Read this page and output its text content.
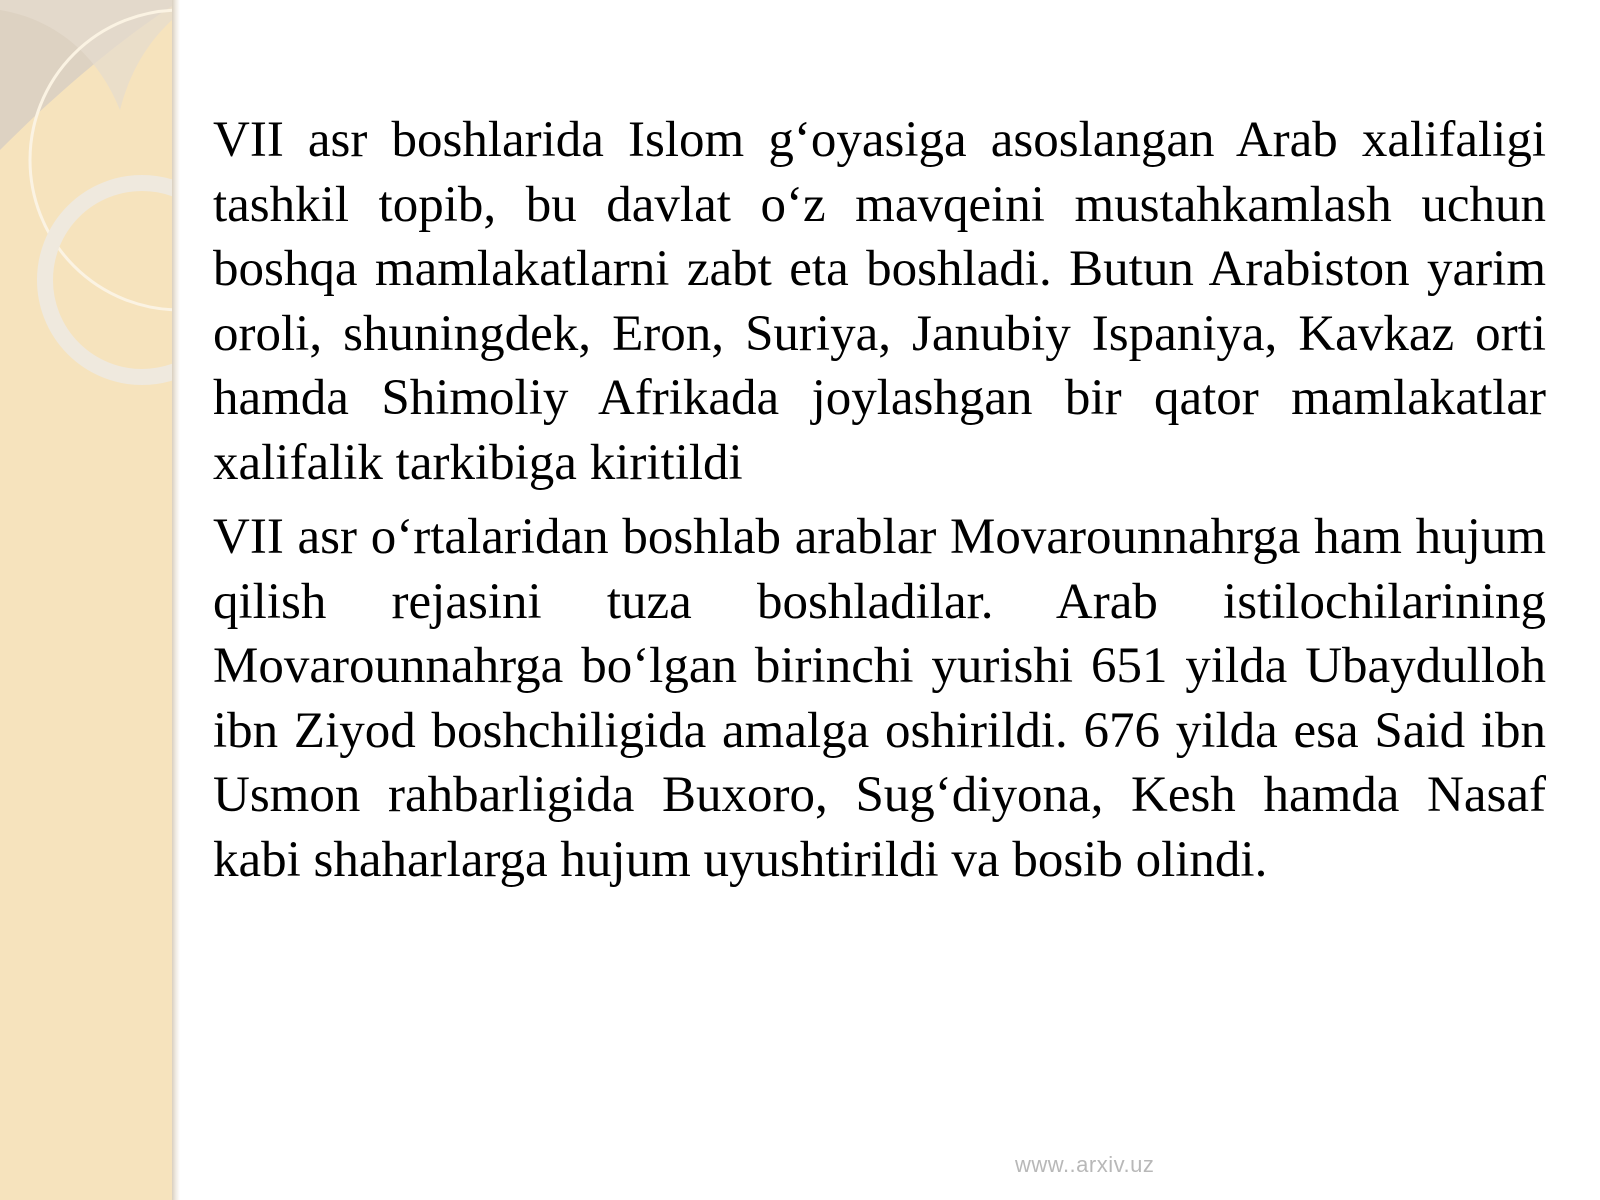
VII asr boshlarida Islom g‘oyasiga asoslangan Arab xalifaligi tashkil topib, bu davlat o‘z mavqeini mustahkamlash uchun boshqa mamlakatlarni zabt eta boshladi. Butun Arabiston yarim oroli, shuningdek, Eron, Suriya, Janubiy Ispaniya, Kavkaz orti hamda Shimoliy Afrikada joylashgan bir qator mamlakatlar xalifalik tarkibiga kiritildi

VII asr o‘rtalaridan boshlab arablar Movarounnahrga ham hujum qilish rejasini tuza boshladilar. Arab istilochilarining Movarounnahrga bo‘lgan birinchi yurishi 651 yilda Ubaydulloh ibn Ziyod boshchiligida amalga oshirildi. 676 yilda esa Said ibn Usmon rahbarligida Buxoro, Sug‘diyona, Kesh hamda Nasaf kabi shaharlarga hujum uyushtirildi va bosib olindi.

www..arxiv.uz
